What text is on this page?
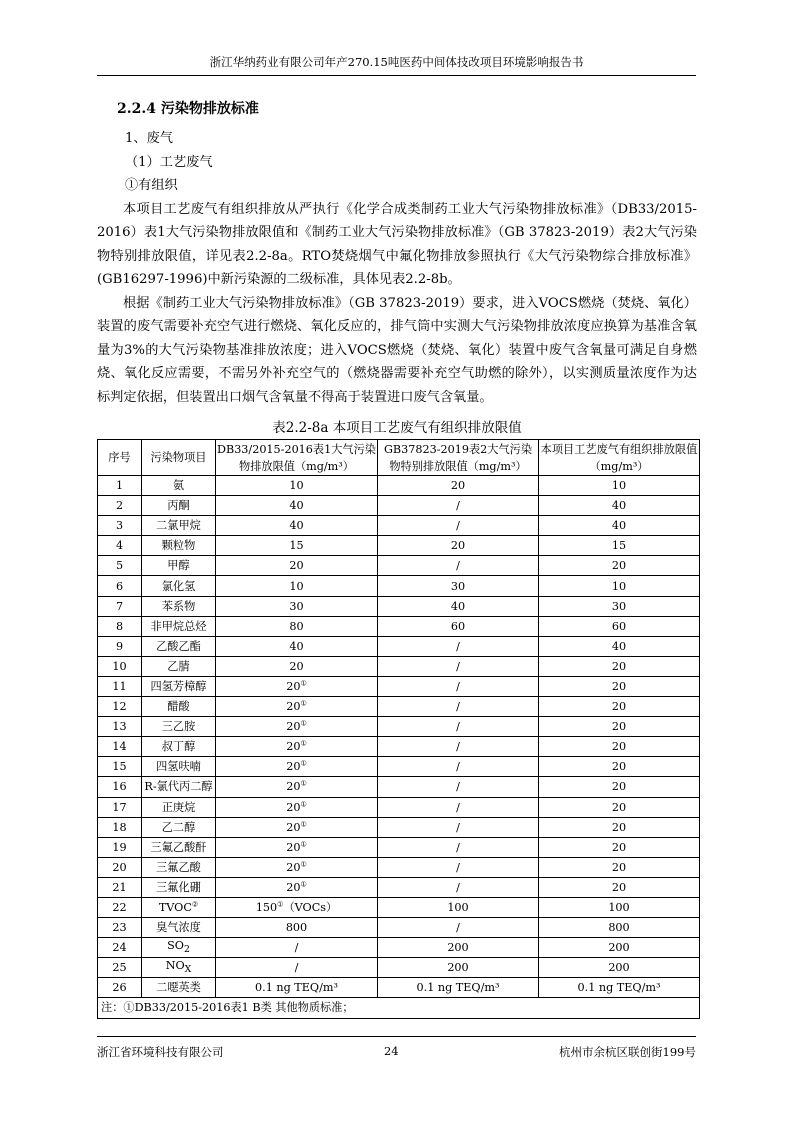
浙江华纳药业有限公司年产270.15吨医药中间体技改项目环境影响报告书
2.2.4 污染物排放标准

1、废气

（1）工艺废气

①有组织

本项目工艺废气有组织排放从严执行《化学合成类制药工业大气污染物排放标准》（DB33/2015-2016）表1大气污染物排放限值和《制药工业大气污染物排放标准》（GB 37823-2019）表2大气污染物特别排放限值，详见表2.2-8a。RTO焚烧烟气中氟化物排放参照执行《大气污染物综合排放标准》(GB16297-1996)中新污染源的二级标准，具体见表2.2-8b。

根据《制药工业大气污染物排放标准》（GB 37823-2019）要求，进入VOCS燃烧（焚烧、氧化）装置的废气需要补充空气进行燃烧、氧化反应的，排气筒中实测大气污染物排放浓度应换算为基准含氧量为3%的大气污染物基准排放浓度；进入VOCS燃烧（焚烧、氧化）装置中废气含氧量可满足自身燃烧、氧化反应需要，不需另外补充空气的（燃烧器需要补充空气助燃的除外），以实测质量浓度作为达标判定依据，但装置出口烟气含氧量不得高于装置进口废气含氧量。

表2.2-8a 本项目工艺废气有组织排放限值
序号	污染物项目	DB33/2015-2016表1大气污染物排放限值（mg/m³）	GB37823-2019表2大气污染物特别排放限值（mg/m³）	本项目工艺废气有组织排放限值（mg/m³）
1	氨	10	20	10
2	丙酮	40	/	40
3	二氯甲烷	40	/	40
4	颗粒物	15	20	15
5	甲醇	20	/	20
6	氯化氢	10	30	10
7	苯系物	30	40	30
8	非甲烷总烃	80	60	60
9	乙酸乙酯	40	/	40
10	乙腈	20	/	20
11	四氢芳樟醇	20①	/	20
12	醋酸	20①	/	20
13	三乙胺	20①	/	20
14	叔丁醇	20①	/	20
15	四氢呋喃	20①	/	20
16	R-氯代丙二醇	20①	/	20
17	正庚烷	20①	/	20
18	乙二醇	20①	/	20
19	三氟乙酸酐	20①	/	20
20	三氟乙酸	20①	/	20
21	三氟化硼	20①	/	20
22	TVOC②	150①（VOCs）	100	100
23	臭气浓度	800	/	800
24	$SO_2$	/	200	200
25	$NO_X$	/	200	200
26	二噁英类	0.1 ng TEQ/m³	0.1 ng TEQ/m³	0.1 ng TEQ/m³
注：①DB33/2015-2016表1 B类 其他物质标准；				
浙江省环境科技有限公司	24	杭州市余杭区联创街199号
